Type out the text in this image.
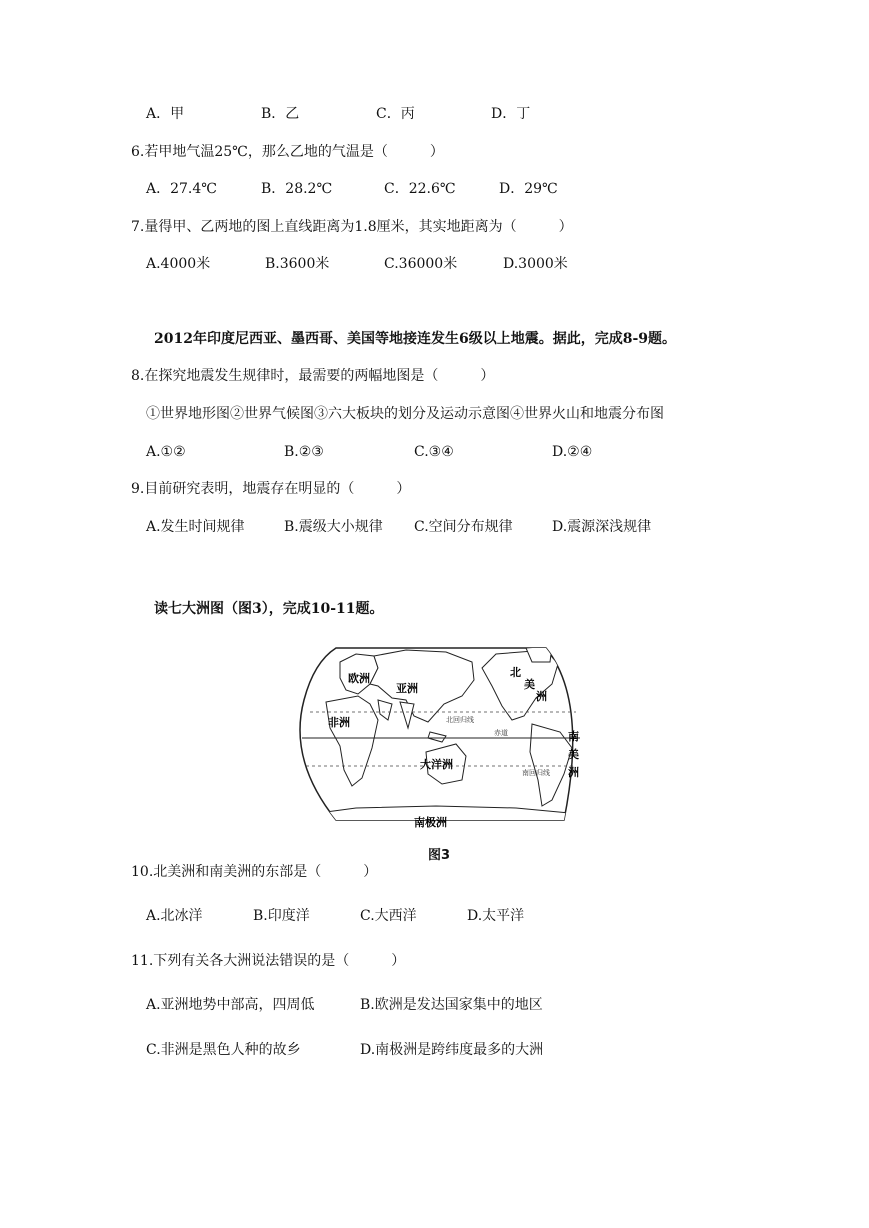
A．甲	B．乙	C．丙	D．丁
6.若甲地气温25℃，那么乙地的气温是（　　　）
A．27.4℃	B．28.2℃	C．22.6℃	D．29℃
7.量得甲、乙两地的图上直线距离为1.8厘米，其实地距离为（　　　）
A.4000米	B.3600米	C.36000米	D.3000米
2012年印度尼西亚、墨西哥、美国等地接连发生6级以上地震。据此，完成8-9题。
8.在探究地震发生规律时，最需要的两幅地图是（　　　）
①世界地形图②世界气候图③六大板块的划分及运动示意图④世界火山和地震分布图
A.①②	B.②③	C.③④	D.②④
9.目前研究表明，地震存在明显的（　　　）
A.发生时间规律	B.震级大小规律 C.空间分布规律	D.震源深浅规律
读七大洲图（图3），完成10-11题。
欧洲
亚洲
非洲
大洋洲
南极洲
北
美
洲
南
美
洲
北回归线
赤道
南回归线
图3
10.北美洲和南美洲的东部是（　　　）
A.北冰洋	B.印度洋	C.大西洋	D.太平洋
11.下列有关各大洲说法错误的是（　　　）
A.亚洲地势中部高，四周低	B.欧洲是发达国家集中的地区
C.非洲是黑色人种的故乡	D.南极洲是跨纬度最多的大洲
